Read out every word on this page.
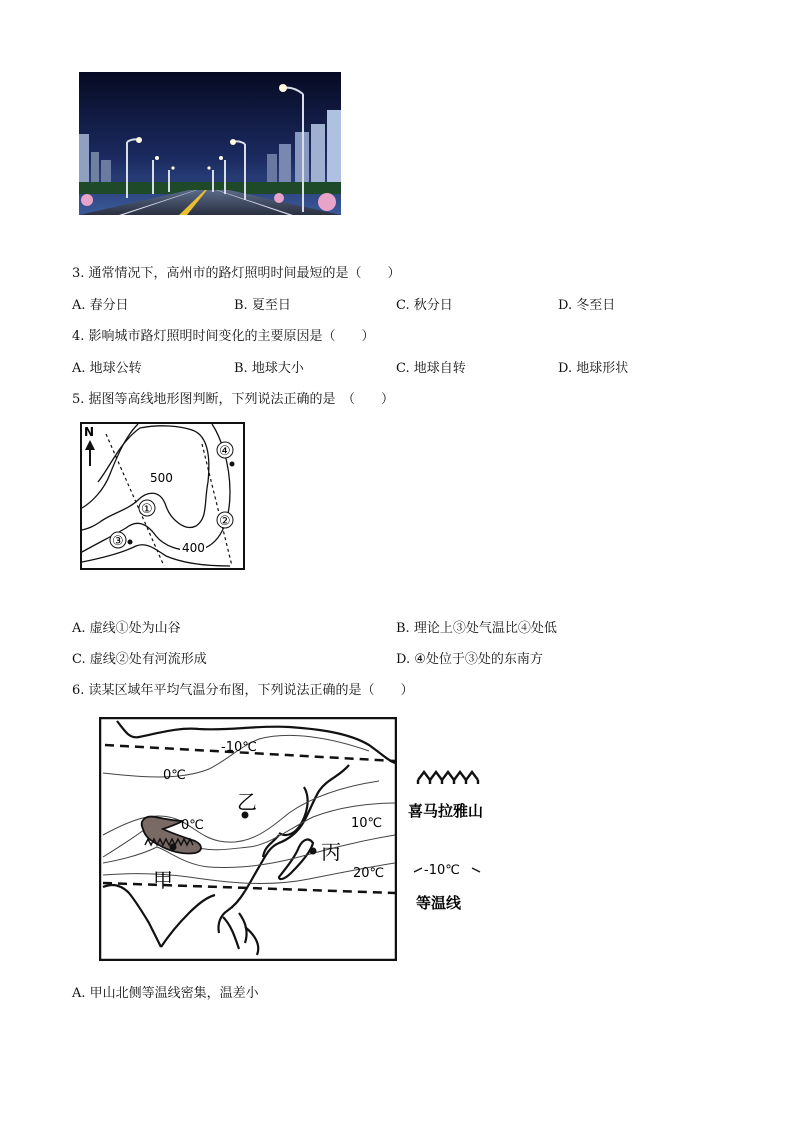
3. 通常情况下，高州市的路灯照明时间最短的是（　　）
A. 春分日	B. 夏至日	C. 秋分日	D. 冬至日
4. 影响城市路灯照明时间变化的主要原因是（　　）
A. 地球公转	B. 地球大小	C. 地球自转	D. 地球形状
5. 据图等高线地形图判断，下列说法正确的是　（　　）
N
500
400
①
②
③
④
A. 虚线①处为山谷	B. 理论上③处气温比④处低
C. 虚线②处有河流形成	D. ④处位于③处的东南方
6. 读某区域年平均气温分布图，下列说法正确的是（　　）
-10℃
0℃
0℃	10℃
20℃
乙
丙
甲
喜马拉雅山
-10℃
等温线
A. 甲山北侧等温线密集，温差小
